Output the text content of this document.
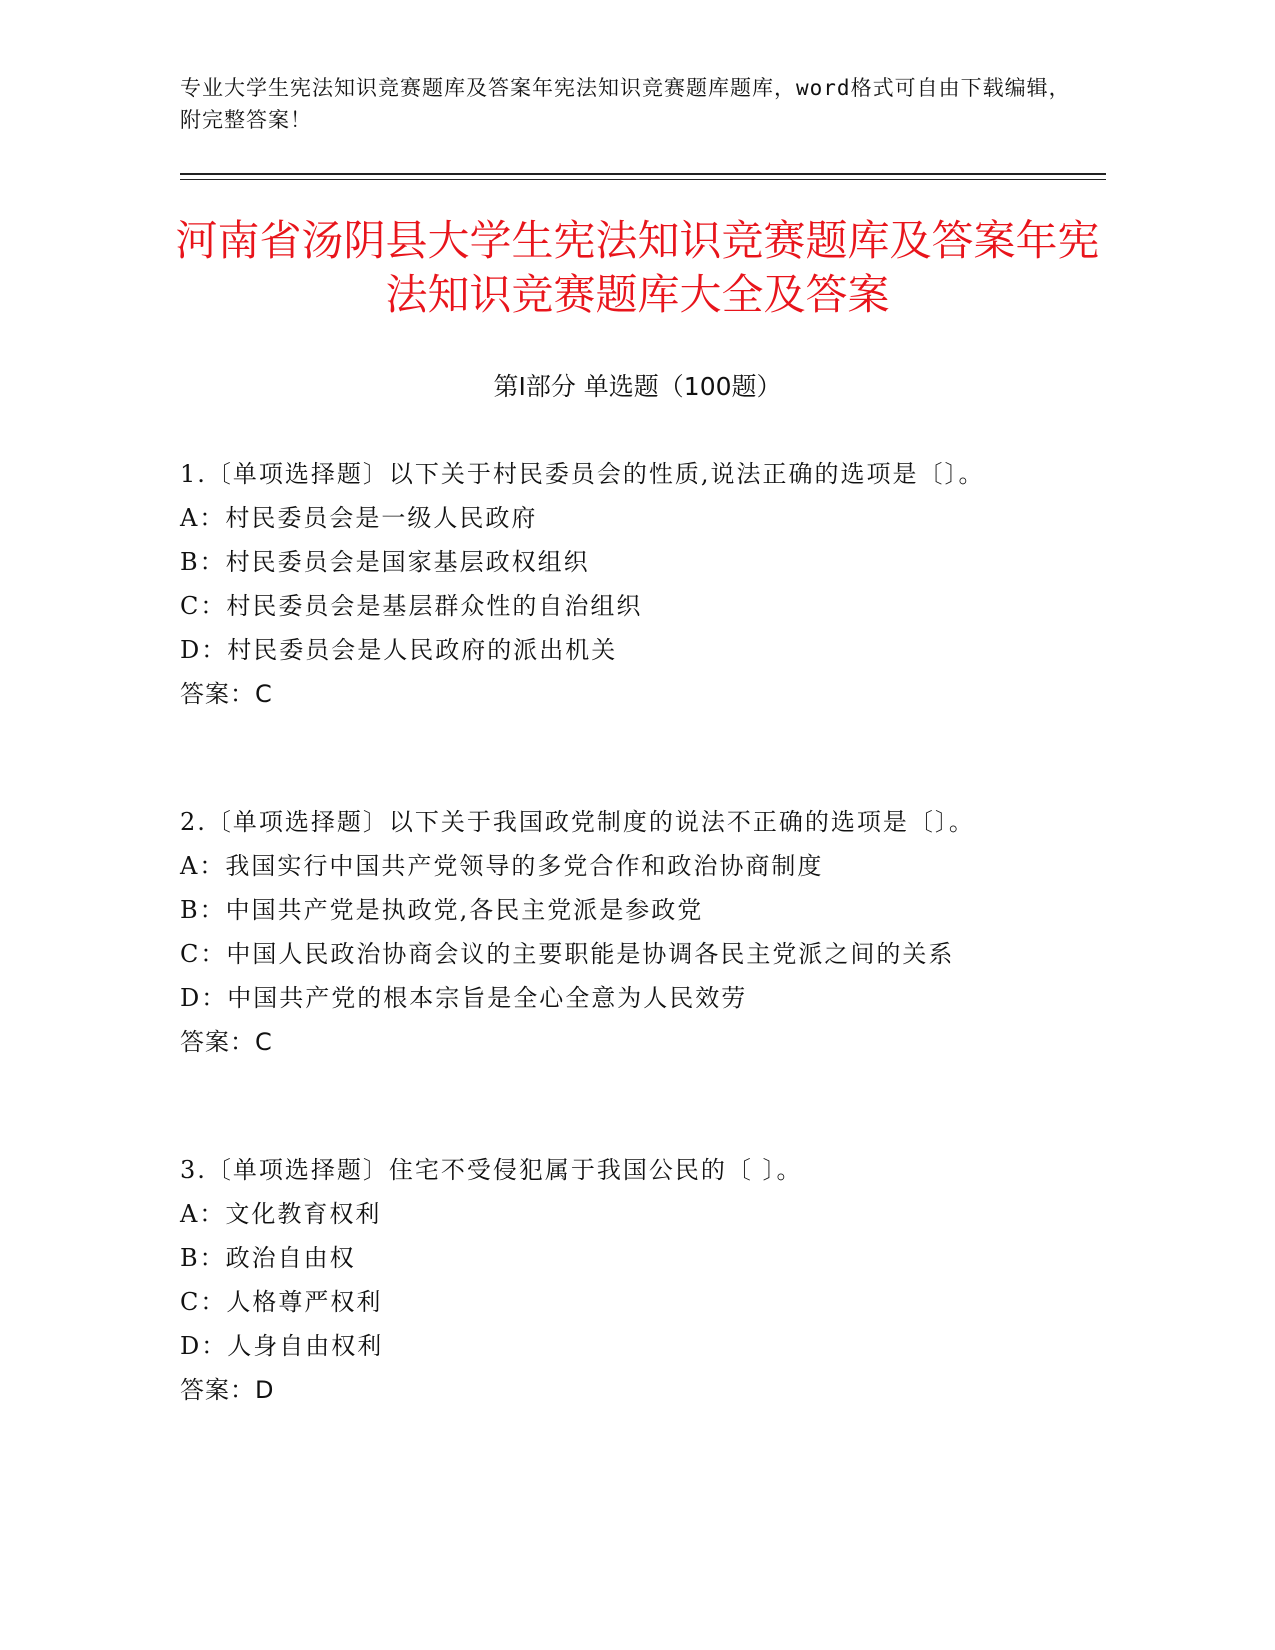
专业大学生宪法知识竞赛题库及答案年宪法知识竞赛题库题库，word格式可自由下载编辑，附完整答案！
河南省汤阴县大学生宪法知识竞赛题库及答案年宪法知识竞赛题库大全及答案
第Ⅰ部分 单选题（100题）
1.〔单项选择题〕以下关于村民委员会的性质,说法正确的选项是〔〕。
A：村民委员会是一级人民政府
B：村民委员会是国家基层政权组织
C：村民委员会是基层群众性的自治组织
D：村民委员会是人民政府的派出机关
答案：C
2.〔单项选择题〕以下关于我国政党制度的说法不正确的选项是〔〕。
A：我国实行中国共产党领导的多党合作和政治协商制度
B：中国共产党是执政党,各民主党派是参政党
C：中国人民政治协商会议的主要职能是协调各民主党派之间的关系
D：中国共产党的根本宗旨是全心全意为人民效劳
答案：C
3.〔单项选择题〕住宅不受侵犯属于我国公民的〔 〕。
A：文化教育权利
B：政治自由权
C：人格尊严权利
D：人身自由权利
答案：D
